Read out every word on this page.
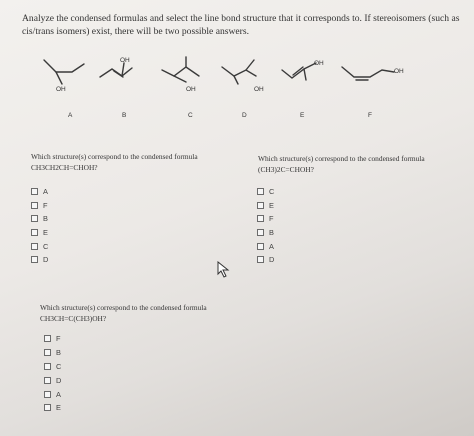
Analyze the condensed formulas and select the line bond structure that it corresponds to. If stereoisomers (such as cis/trans isomers) exist, there will be two possible answers.
OH
OH
OH	OH
OH
OH
A	B	C	D	E	F
Which structure(s) correspond to the condensed formula
CH3CH2CH=CHOH?
A
F
B
E
C
D
Which structure(s) correspond to the condensed formula
(CH3)2C=CHOH?
C
E
F
B
A
D
Which structure(s) correspond to the condensed formula
CH3CH=C(CH3)OH?
F
B
C
D
A
E
